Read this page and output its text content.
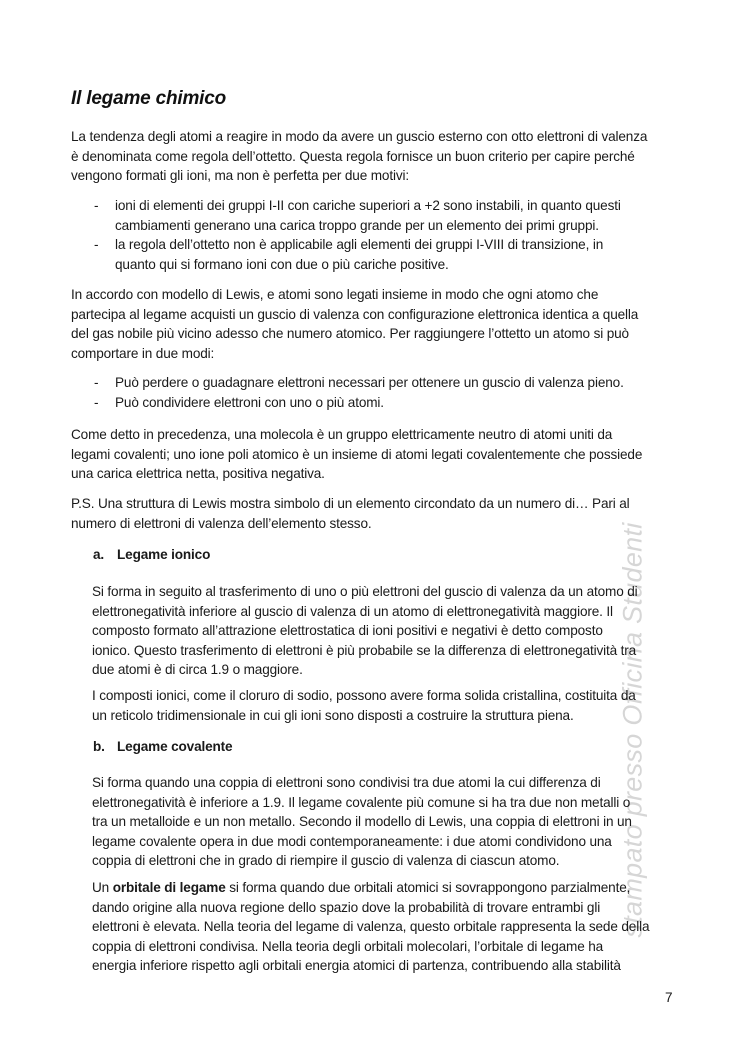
stampato presso Officina Studenti
Il legame chimico
La tendenza degli atomi a reagire in modo da avere un guscio esterno con otto elettroni di valenza
è denominata come regola dell’ottetto. Questa regola fornisce un buon criterio per capire perché
vengono formati gli ioni, ma non è perfetta per due motivi:
- ioni di elementi dei gruppi I-II con cariche superiori a +2 sono instabili, in quanto questi
cambiamenti generano una carica troppo grande per un elemento dei primi gruppi.
- la regola dell’ottetto non è applicabile agli elementi dei gruppi I-VIII di transizione, in
quanto qui si formano ioni con due o più cariche positive.
In accordo con modello di Lewis, e atomi sono legati insieme in modo che ogni atomo che
partecipa al legame acquisti un guscio di valenza con configurazione elettronica identica a quella
del gas nobile più vicino adesso che numero atomico. Per raggiungere l’ottetto un atomo si può
comportare in due modi:
- Può perdere o guadagnare elettroni necessari per ottenere un guscio di valenza pieno.
- Può condividere elettroni con uno o più atomi.
Come detto in precedenza, una molecola è un gruppo elettricamente neutro di atomi uniti da
legami covalenti; uno ione poli atomico è un insieme di atomi legati covalentemente che possiede
una carica elettrica netta, positiva negativa.
P.S. Una struttura di Lewis mostra simbolo di un elemento circondato da un numero di… Pari al
numero di elettroni di valenza dell’elemento stesso.
a. Legame ionico
Si forma in seguito al trasferimento di uno o più elettroni del guscio di valenza da un atomo di
elettronegatività inferiore al guscio di valenza di un atomo di elettronegatività maggiore. Il
composto formato all’attrazione elettrostatica di ioni positivi e negativi è detto composto
ionico. Questo trasferimento di elettroni è più probabile se la differenza di elettronegatività tra
due atomi è di circa 1.9 o maggiore.
I composti ionici, come il cloruro di sodio, possono avere forma solida cristallina, costituita da
un reticolo tridimensionale in cui gli ioni sono disposti a costruire la struttura piena.
b. Legame covalente
Si forma quando una coppia di elettroni sono condivisi tra due atomi la cui differenza di
elettronegatività è inferiore a 1.9. Il legame covalente più comune si ha tra due non metalli o
tra un metalloide e un non metallo. Secondo il modello di Lewis, una coppia di elettroni in un
legame covalente opera in due modi contemporaneamente: i due atomi condividono una
coppia di elettroni che in grado di riempire il guscio di valenza di ciascun atomo.
Un orbitale di legame si forma quando due orbitali atomici si sovrappongono parzialmente,
dando origine alla nuova regione dello spazio dove la probabilità di trovare entrambi gli
elettroni è elevata. Nella teoria del legame di valenza, questo orbitale rappresenta la sede della
coppia di elettroni condivisa. Nella teoria degli orbitali molecolari, l’orbitale di legame ha
energia inferiore rispetto agli orbitali energia atomici di partenza, contribuendo alla stabilità
7
